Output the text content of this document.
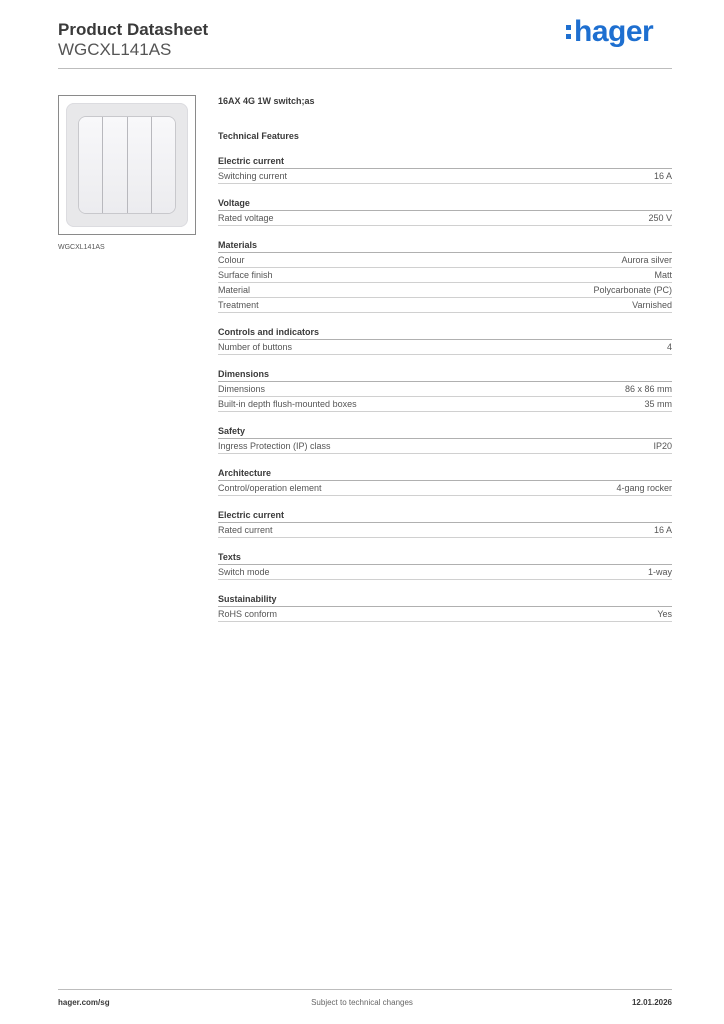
Product Datasheet
WGCXL141AS
hager
WGCXL141AS
16AX 4G 1W switch;as
Technical Features
Electric current
Switching current	16 A
Voltage
Rated voltage	250 V
Materials
Colour	Aurora silver
Surface finish	Matt
Material	Polycarbonate (PC)
Treatment	Varnished
Controls and indicators
Number of buttons	4
Dimensions
Dimensions	86 x 86 mm
Built-in depth flush-mounted boxes	35 mm
Safety
Ingress Protection (IP) class	IP20
Architecture
Control/operation element	4-gang rocker
Electric current
Rated current	16 A
Texts
Switch mode	1-way
Sustainability
RoHS conform	Yes
hager.com/sg	Subject to technical changes	12.01.2026
